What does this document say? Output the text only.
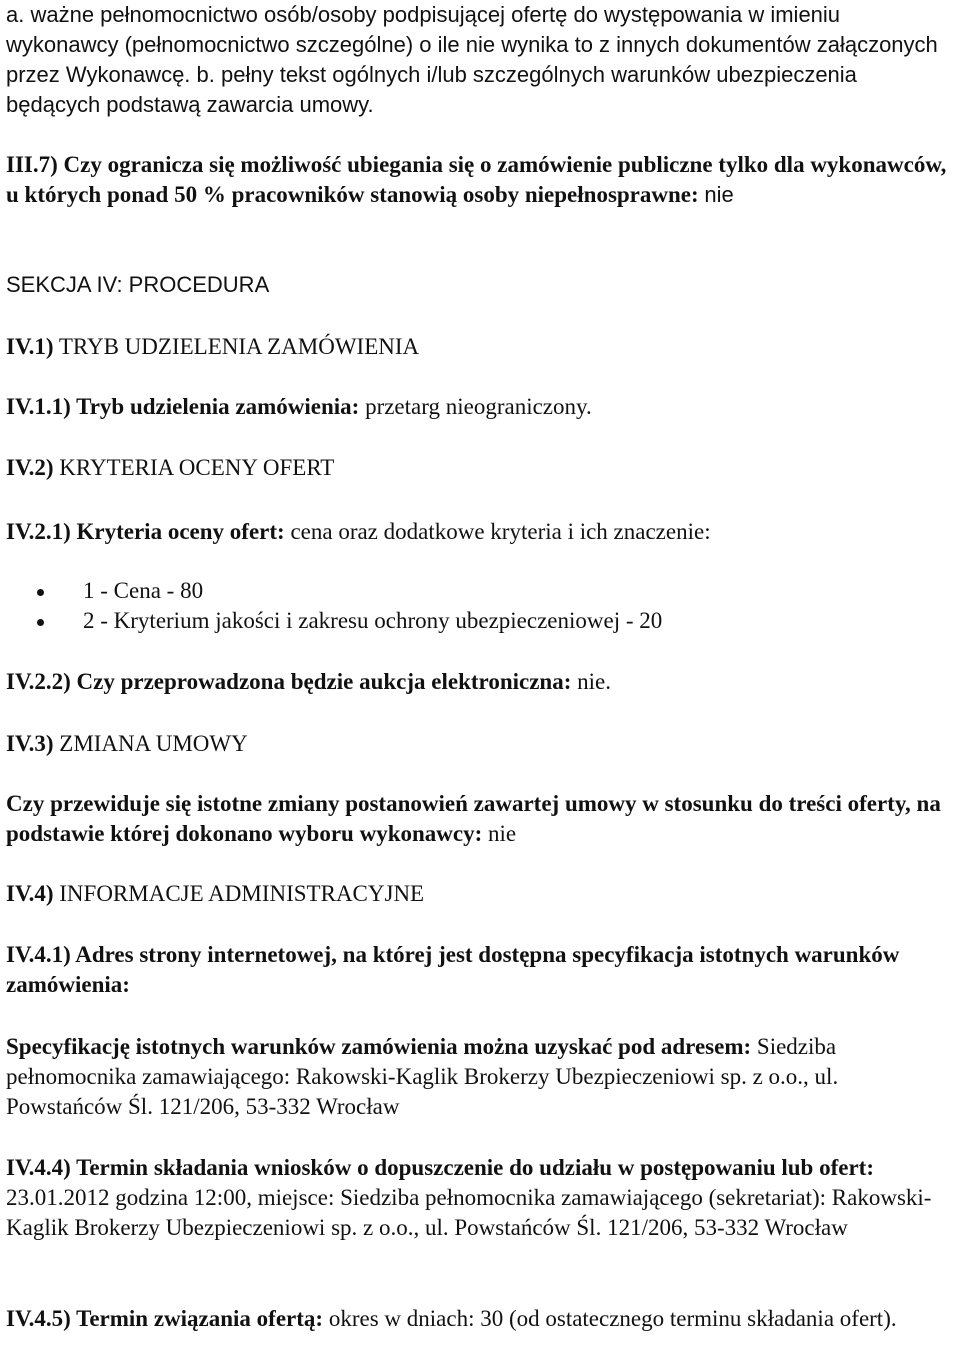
a. ważne pełnomocnictwo osób/osoby podpisującej ofertę do występowania w imieniu wykonawcy (pełnomocnictwo szczególne) o ile nie wynika to z innych dokumentów załączonych przez Wykonawcę. b. pełny tekst ogólnych i/lub szczególnych warunków ubezpieczenia będących podstawą zawarcia umowy.

III.7) Czy ogranicza się możliwość ubiegania się o zamówienie publiczne tylko dla wykonawców, u których ponad 50 % pracowników stanowią osoby niepełnosprawne: nie

SEKCJA IV: PROCEDURA

IV.1) TRYB UDZIELENIA ZAMÓWIENIA

IV.1.1) Tryb udzielenia zamówienia: przetarg nieograniczony.

IV.2) KRYTERIA OCENY OFERT

IV.2.1) Kryteria oceny ofert: cena oraz dodatkowe kryteria i ich znaczenie:

1 - Cena - 80
2 - Kryterium jakości i zakresu ochrony ubezpieczeniowej - 20

IV.2.2) Czy przeprowadzona będzie aukcja elektroniczna: nie.

IV.3) ZMIANA UMOWY

Czy przewiduje się istotne zmiany postanowień zawartej umowy w stosunku do treści oferty, na podstawie której dokonano wyboru wykonawcy: nie

IV.4) INFORMACJE ADMINISTRACYJNE

IV.4.1) Adres strony internetowej, na której jest dostępna specyfikacja istotnych warunków zamówienia:

Specyfikację istotnych warunków zamówienia można uzyskać pod adresem: Siedziba pełnomocnika zamawiającego: Rakowski-Kaglik Brokerzy Ubezpieczeniowi sp. z o.o., ul. Powstańców Śl. 121/206, 53-332 Wrocław

IV.4.4) Termin składania wniosków o dopuszczenie do udziału w postępowaniu lub ofert: 23.01.2012 godzina 12:00, miejsce: Siedziba pełnomocnika zamawiającego (sekretariat): Rakowski-Kaglik Brokerzy Ubezpieczeniowi sp. z o.o., ul. Powstańców Śl. 121/206, 53-332 Wrocław

IV.4.5) Termin związania ofertą: okres w dniach: 30 (od ostatecznego terminu składania ofert).
